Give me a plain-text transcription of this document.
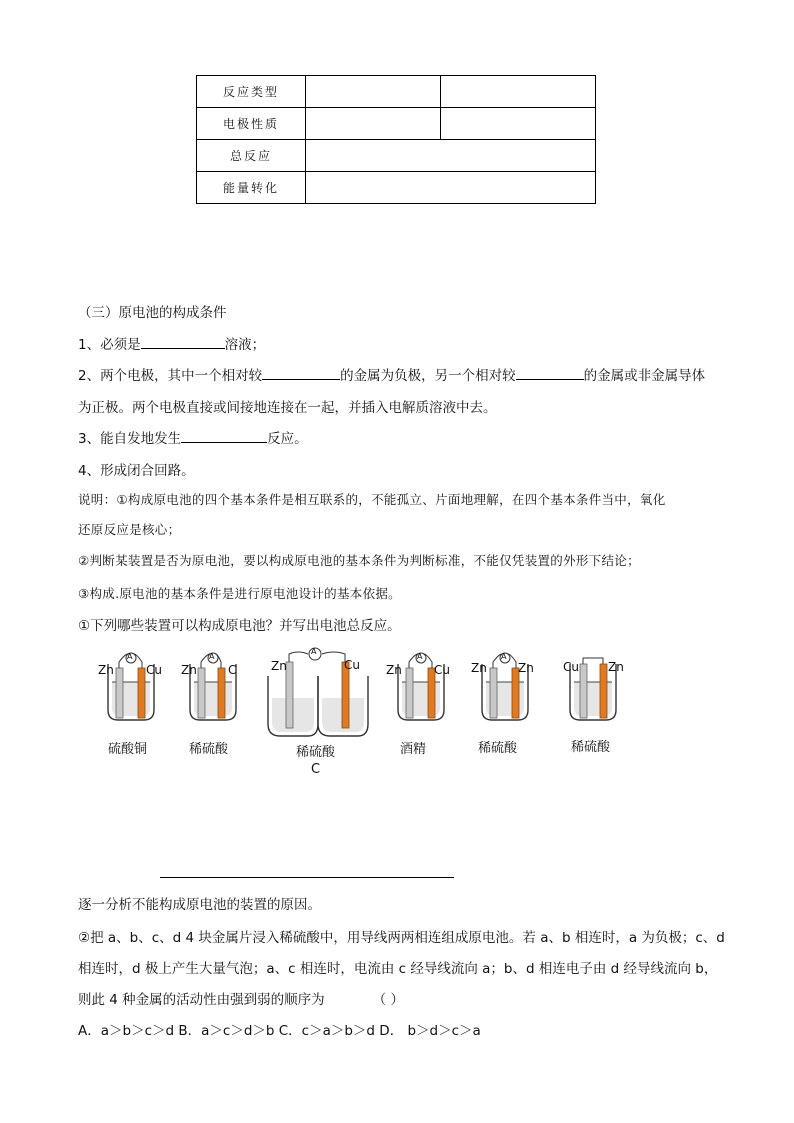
反应类型		
电极性质		
总反应		
能量转化		
（三）原电池的构成条件
1、必须是	溶液；
2、两个电极，其中一个相对较	的金属为负极，另一个相对较	的金属或非金属导体
为正极。两个电极直接或间接地连接在一起，并插入电解质溶液中去。
3、能自发地发生	反应。
4、形成闭合回路。
说明：①构成原电池的四个基本条件是相互联系的，不能孤立、片面地理解，在四个基本条件当中，氧化
还原反应是核心；
②判断某装置是否为原电池，要以构成原电池的基本条件为判断标准，不能仅凭装置的外形下结论；
③构成.原电池的基本条件是进行原电池设计的基本依据。
①下列哪些装置可以构成原电池？并写出电池总反应。
Zn
A
Cu
硫酸铜
Zn
A
C
稀硫酸
Zn
A
Cu
稀硫酸
C
Zn
A
Cu
酒精
Zn
A
Zn
稀硫酸
Cu Zn
稀硫酸
逐一分析不能构成原电池的装置的原因。
②把 a、b、c、d 4 块金属片浸入稀硫酸中，用导线两两相连组成原电池。若 a、b 相连时，a 为负极；c、d
相连时，d 极上产生大量气泡；a、c 相连时，电流由 c 经导线流向 a；b、d 相连电子由 d 经导线流向 b，
则此 4 种金属的活动性由强到弱的顺序为	（ ）
A．a＞b＞c＞d B．a＞c＞d＞b C．c＞a＞b＞d D． b＞d＞c＞a
